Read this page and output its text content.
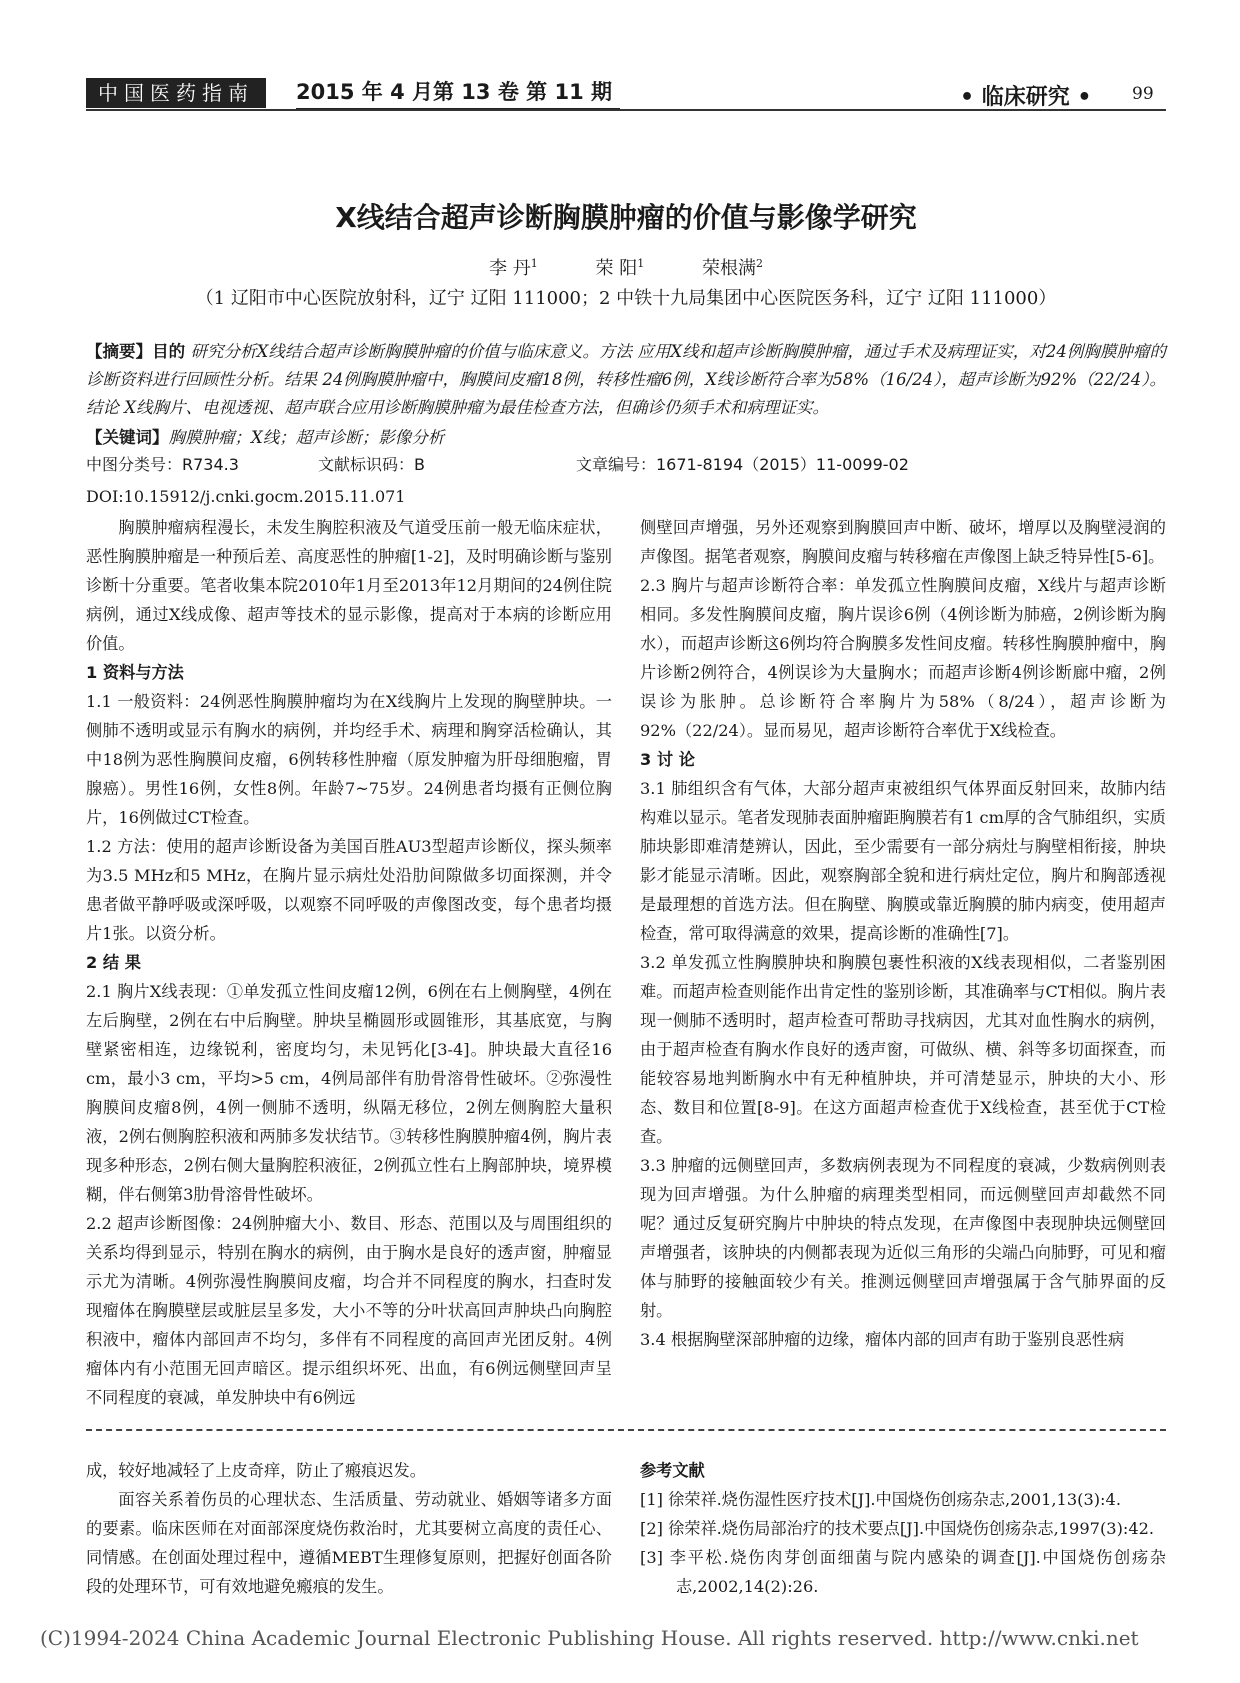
中国医药指南	2015 年 4 月第 13 卷 第 11 期	• 临床研究 • 99
X线结合超声诊断胸膜肿瘤的价值与影像学研究
李 丹$^1$	荣 阳$^1$	荣根满$^2$
（1 辽阳市中心医院放射科，辽宁 辽阳 111000；2 中铁十九局集团中心医院医务科，辽宁 辽阳 111000）
【摘要】目的 研究分析X线结合超声诊断胸膜肿瘤的价值与临床意义。方法 应用X线和超声诊断胸膜肿瘤，通过手术及病理证实，对24例胸膜肿瘤的诊断资料进行回顾性分析。结果 24例胸膜肿瘤中，胸膜间皮瘤18例，转移性瘤6例，X线诊断符合率为58%（16/24），超声诊断为92%（22/24）。结论 X线胸片、电视透视、超声联合应用诊断胸膜肿瘤为最佳检查方法，但确诊仍须手术和病理证实。
【关键词】胸膜肿瘤；X线；超声诊断；影像分析
中图分类号：R734.3	文献标识码：B	文章编号：1671-8194（2015）11-0099-02
DOI:10.15912/j.cnki.gocm.2015.11.071

胸膜肿瘤病程漫长，未发生胸腔积液及气道受压前一般无临床症状，恶性胸膜肿瘤是一种预后差、高度恶性的肿瘤[1-2]，及时明确诊断与鉴别诊断十分重要。笔者收集本院2010年1月至2013年12月期间的24例住院病例，通过X线成像、超声等技术的显示影像，提高对于本病的诊断应用价值。

1 资料与方法

1.1 一般资料：24例恶性胸膜肿瘤均为在X线胸片上发现的胸壁肿块。一侧肺不透明或显示有胸水的病例，并均经手术、病理和胸穿活检确认，其中18例为恶性胸膜间皮瘤，6例转移性肿瘤（原发肿瘤为肝母细胞瘤，胃腺癌）。男性16例，女性8例。年龄7~75岁。24例患者均摄有正侧位胸片，16例做过CT检查。

1.2 方法：使用的超声诊断设备为美国百胜AU3型超声诊断仪，探头频率为3.5 MHz和5 MHz，在胸片显示病灶处沿肋间隙做多切面探测，并令患者做平静呼吸或深呼吸，以观察不同呼吸的声像图改变，每个患者均摄片1张。以资分析。

2 结 果

2.1 胸片X线表现：①单发孤立性间皮瘤12例，6例在右上侧胸壁，4例在左后胸壁，2例在右中后胸壁。肿块呈椭圆形或圆锥形，其基底宽，与胸壁紧密相连，边缘锐利，密度均匀，未见钙化[3-4]。肿块最大直径16 cm，最小3 cm，平均>5 cm，4例局部伴有肋骨溶骨性破坏。②弥漫性胸膜间皮瘤8例，4例一侧肺不透明，纵隔无移位，2例左侧胸腔大量积液，2例右侧胸腔积液和两肺多发状结节。③转移性胸膜肿瘤4例，胸片表现多种形态，2例右侧大量胸腔积液征，2例孤立性右上胸部肿块，境界模糊，伴右侧第3肋骨溶骨性破坏。

2.2 超声诊断图像：24例肿瘤大小、数目、形态、范围以及与周围组织的关系均得到显示，特别在胸水的病例，由于胸水是良好的透声窗，肿瘤显示尤为清晰。4例弥漫性胸膜间皮瘤，均合并不同程度的胸水，扫查时发现瘤体在胸膜壁层或脏层呈多发，大小不等的分叶状高回声肿块凸向胸腔积液中，瘤体内部回声不均匀，多伴有不同程度的高回声光团反射。4例瘤体内有小范围无回声暗区。提示组织坏死、出血，有6例远侧壁回声呈不同程度的衰减，单发肿块中有6例远

侧壁回声增强，另外还观察到胸膜回声中断、破坏，增厚以及胸壁浸润的声像图。据笔者观察，胸膜间皮瘤与转移瘤在声像图上缺乏特异性[5-6]。

2.3 胸片与超声诊断符合率：单发孤立性胸膜间皮瘤，X线片与超声诊断相同。多发性胸膜间皮瘤，胸片误诊6例（4例诊断为肺癌，2例诊断为胸水），而超声诊断这6例均符合胸膜多发性间皮瘤。转移性胸膜肿瘤中，胸片诊断2例符合，4例误诊为大量胸水；而超声诊断4例诊断廊中瘤，2例误诊为胀肿。总诊断符合率胸片为58%（8/24），超声诊断为92%（22/24）。显而易见，超声诊断符合率优于X线检查。

3 讨 论

3.1 肺组织含有气体，大部分超声束被组织气体界面反射回来，故肺内结构难以显示。笔者发现肺表面肿瘤距胸膜若有1 cm厚的含气肺组织，实质肺块影即难清楚辨认，因此，至少需要有一部分病灶与胸壁相衔接，肿块影才能显示清晰。因此，观察胸部全貌和进行病灶定位，胸片和胸部透视是最理想的首选方法。但在胸壁、胸膜或靠近胸膜的肺内病变，使用超声检查，常可取得满意的效果，提高诊断的准确性[7]。

3.2 单发孤立性胸膜肿块和胸膜包裹性积液的X线表现相似，二者鉴别困难。而超声检查则能作出肯定性的鉴别诊断，其准确率与CT相似。胸片表现一侧肺不透明时，超声检查可帮助寻找病因，尤其对血性胸水的病例，由于超声检查有胸水作良好的透声窗，可做纵、横、斜等多切面探查，而能较容易地判断胸水中有无种植肿块，并可清楚显示，肿块的大小、形态、数目和位置[8-9]。在这方面超声检查优于X线检查，甚至优于CT检查。

3.3 肿瘤的远侧壁回声，多数病例表现为不同程度的衰减，少数病例则表现为回声增强。为什么肿瘤的病理类型相同，而远侧壁回声却截然不同呢？通过反复研究胸片中肿块的特点发现，在声像图中表现肿块远侧壁回声增强者，该肿块的内侧都表现为近似三角形的尖端凸向肺野，可见和瘤体与肺野的接触面较少有关。推测远侧壁回声增强属于含气肺界面的反射。

3.4 根据胸壁深部肿瘤的边缘，瘤体内部的回声有助于鉴别良恶性病

成，较好地减轻了上皮奇痒，防止了瘢痕迟发。

面容关系着伤员的心理状态、生活质量、劳动就业、婚姻等诸多方面的要素。临床医师在对面部深度烧伤救治时，尤其要树立高度的责任心、同情感。在创面处理过程中，遵循MEBT生理修复原则，把握好创面各阶段的处理环节，可有效地避免瘢痕的发生。

参考文献

[1] 徐荣祥.烧伤湿性医疗技术[J].中国烧伤创疡杂志,2001,13(3):4.

[2] 徐荣祥.烧伤局部治疗的技术要点[J].中国烧伤创疡杂志,1997(3):42.

[3] 李平松.烧伤肉芽创面细菌与院内感染的调查[J].中国烧伤创疡杂志,2002,14(2):26.

(C)1994-2024 China Academic Journal Electronic Publishing House. All rights reserved. http://www.cnki.net
